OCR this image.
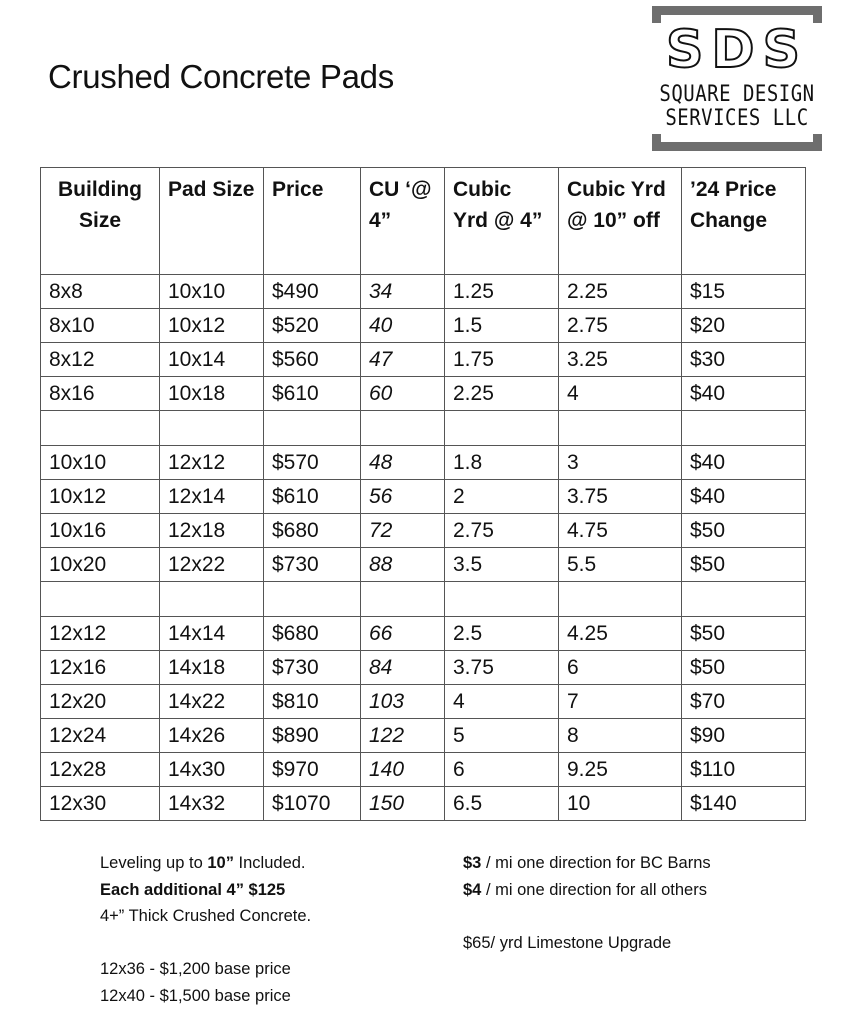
Crushed Concrete Pads	SDS
SQUARE DESIGN
SERVICES LLC
Building Size	Pad Size	Price	CU ‘@ 4”	Cubic Yrd @ 4”	Cubic Yrd @ 10” off	’24 Price Change
8x8	10x10	$490	34	1.25	2.25	$15
8x10	10x12	$520	40	1.5	2.75	$20
8x12	10x14	$560	47	1.75	3.25	$30
8x16	10x18	$610	60	2.25	4	$40

10x10	12x12	$570	48	1.8	3	$40
10x12	12x14	$610	56	2	3.75	$40
10x16	12x18	$680	72	2.75	4.75	$50
10x20	12x22	$730	88	3.5	5.5	$50

12x12	14x14	$680	66	2.5	4.25	$50
12x16	14x18	$730	84	3.75	6	$50
12x20	14x22	$810	103	4	7	$70
12x24	14x26	$890	122	5	8	$90
12x28	14x30	$970	140	6	9.25	$110
12x30	14x32	$1070	150	6.5	10	$140
Leveling up to 10” Included.
Each additional 4” $125
4+” Thick Crushed Concrete.
12x36 - $1,200 base price
12x40 - $1,500 base price
$3 / mi one direction for BC Barns
$4 / mi one direction for all others
$65/ yrd Limestone Upgrade
